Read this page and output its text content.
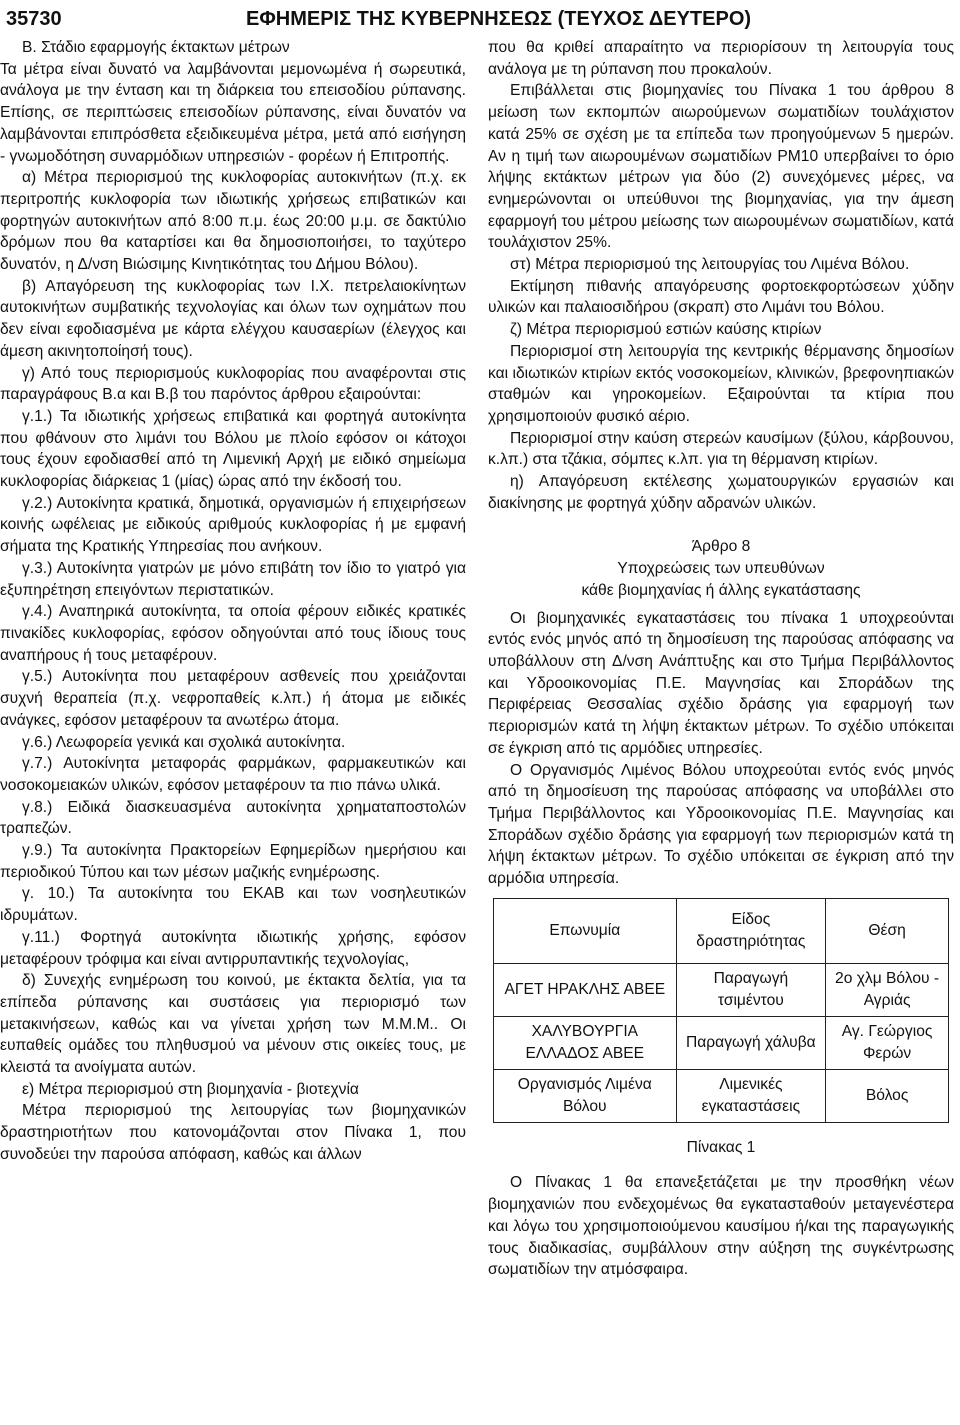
35730	ΕΦΗΜΕΡΙΣ ΤΗΣ ΚΥΒΕΡΝΗΣΕΩΣ (ΤΕΥΧΟΣ ΔΕΥΤΕΡΟ)

Β. Στάδιο εφαρμογής έκτακτων μέτρων

Τα μέτρα είναι δυνατό να λαμβάνονται μεμονωμένα ή σωρευτικά, ανάλογα με την ένταση και τη διάρκεια του επεισοδίου ρύπανσης. Επίσης, σε περιπτώσεις επεισοδίων ρύπανσης, είναι δυνατόν να λαμβάνονται επιπρόσθετα εξειδικευμένα μέτρα, μετά από εισήγηση - γνωμοδότηση συναρμόδιων υπηρεσιών - φορέων ή Επιτροπής.

α) Μέτρα περιορισμού της κυκλοφορίας αυτοκινήτων (π.χ. εκ περιτροπής κυκλοφορία των ιδιωτικής χρήσεως επιβατικών και φορτηγών αυτοκινήτων από 8:00 π.μ. έως 20:00 μ.μ. σε δακτύλιο δρόμων που θα καταρτίσει και θα δημοσιοποιήσει, το ταχύτερο δυνατόν, η Δ/νση Βιώσιμης Κινητικότητας του Δήμου Βόλου).

β) Απαγόρευση της κυκλοφορίας των Ι.Χ. πετρελαιοκίνητων αυτοκινήτων συμβατικής τεχνολογίας και όλων των οχημάτων που δεν είναι εφοδιασμένα με κάρτα ελέγχου καυσαερίων (έλεγχος και άμεση ακινητοποίησή τους).

γ) Από τους περιορισμούς κυκλοφορίας που αναφέρονται στις παραγράφους Β.α και Β.β του παρόντος άρθρου εξαιρούνται:

γ.1.) Τα ιδιωτικής χρήσεως επιβατικά και φορτηγά αυτοκίνητα που φθάνουν στο λιμάνι του Βόλου με πλοίο εφόσον οι κάτοχοι τους έχουν εφοδιασθεί από τη Λιμενική Αρχή με ειδικό σημείωμα κυκλοφορίας διάρκειας 1 (μίας) ώρας από την έκδοσή του.

γ.2.) Αυτοκίνητα κρατικά, δημοτικά, οργανισμών ή επιχειρήσεων κοινής ωφέλειας με ειδικούς αριθμούς κυκλοφορίας ή με εμφανή σήματα της Κρατικής Υπηρεσίας που ανήκουν.

γ.3.) Αυτοκίνητα γιατρών με μόνο επιβάτη τον ίδιο το γιατρό για εξυπηρέτηση επειγόντων περιστατικών.

γ.4.) Αναπηρικά αυτοκίνητα, τα οποία φέρουν ειδικές κρατικές πινακίδες κυκλοφορίας, εφόσον οδηγούνται από τους ίδιους τους αναπήρους ή τους μεταφέρουν.

γ.5.) Αυτοκίνητα που μεταφέρουν ασθενείς που χρειάζονται συχνή θεραπεία (π.χ. νεφροπαθείς κ.λπ.) ή άτομα με ειδικές ανάγκες, εφόσον μεταφέρουν τα ανωτέρω άτομα.

γ.6.) Λεωφορεία γενικά και σχολικά αυτοκίνητα.

γ.7.) Αυτοκίνητα μεταφοράς φαρμάκων, φαρμακευτικών και νοσοκομειακών υλικών, εφόσον μεταφέρουν τα πιο πάνω υλικά.

γ.8.) Ειδικά διασκευασμένα αυτοκίνητα χρηματαποστολών τραπεζών.

γ.9.) Τα αυτοκίνητα Πρακτορείων Εφημερίδων ημερήσιου και περιοδικού Τύπου και των μέσων μαζικής ενημέρωσης.

γ. 10.) Τα αυτοκίνητα του ΕΚΑΒ και των νοσηλευτικών ιδρυμάτων.

γ.11.) Φορτηγά αυτοκίνητα ιδιωτικής χρήσης, εφόσον μεταφέρουν τρόφιμα και είναι αντιρρυπαντικής τεχνολογίας,

δ) Συνεχής ενημέρωση του κοινού, με έκτακτα δελτία, για τα επίπεδα ρύπανσης και συστάσεις για περιορισμό των μετακινήσεων, καθώς και να γίνεται χρήση των Μ.Μ.Μ.. Οι ευπαθείς ομάδες του πληθυσμού να μένουν στις οικείες τους, με κλειστά τα ανοίγματα αυτών.

ε) Μέτρα περιορισμού στη βιομηχανία - βιοτεχνία

Μέτρα περιορισμού της λειτουργίας των βιομηχανικών δραστηριοτήτων που κατονομάζονται στον Πίνακα 1, που συνοδεύει την παρούσα απόφαση, καθώς και άλλων

που θα κριθεί απαραίτητο να περιορίσουν τη λειτουργία τους ανάλογα με τη ρύπανση που προκαλούν.

Επιβάλλεται στις βιομηχανίες του Πίνακα 1 του άρθρου 8 μείωση των εκπομπών αιωρούμενων σωματιδίων τουλάχιστον κατά 25% σε σχέση με τα επίπεδα των προηγούμενων 5 ημερών. Αν η τιμή των αιωρουμένων σωματιδίων ΡΜ10 υπερβαίνει το όριο λήψης εκτάκτων μέτρων για δύο (2) συνεχόμενες μέρες, να ενημερώνονται οι υπεύθυνοι της βιομηχανίας, για την άμεση εφαρμογή του μέτρου μείωσης των αιωρουμένων σωματιδίων, κατά τουλάχιστον 25%.

στ) Μέτρα περιορισμού της λειτουργίας του Λιμένα Βόλου.

Εκτίμηση πιθανής απαγόρευσης φορτοεκφορτώσεων χύδην υλικών και παλαιοσιδήρου (σκραπ) στο Λιμάνι του Βόλου.

ζ) Μέτρα περιορισμού εστιών καύσης κτιρίων

Περιορισμοί στη λειτουργία της κεντρικής θέρμανσης δημοσίων και ιδιωτικών κτιρίων εκτός νοσοκομείων, κλινικών, βρεφονηπιακών σταθμών και γηροκομείων. Εξαιρούνται τα κτίρια που χρησιμοποιούν φυσικό αέριο.

Περιορισμοί στην καύση στερεών καυσίμων (ξύλου, κάρβουνου, κ.λπ.) στα τζάκια, σόμπες κ.λπ. για τη θέρμανση κτιρίων.

η) Απαγόρευση εκτέλεσης χωματουργικών εργασιών και διακίνησης με φορτηγά χύδην αδρανών υλικών.

Άρθρο 8

Υποχρεώσεις των υπευθύνων

κάθε βιομηχανίας ή άλλης εγκατάστασης

Οι βιομηχανικές εγκαταστάσεις του πίνακα 1 υποχρεούνται εντός ενός μηνός από τη δημοσίευση της παρούσας απόφασης να υποβάλλουν στη Δ/νση Ανάπτυξης και στο Τμήμα Περιβάλλοντος και Υδροοικονομίας Π.Ε. Μαγνησίας και Σποράδων της Περιφέρειας Θεσσαλίας σχέδιο δράσης για εφαρμογή των περιορισμών κατά τη λήψη έκτακτων μέτρων. Το σχέδιο υπόκειται σε έγκριση από τις αρμόδιες υπηρεσίες.

Ο Οργανισμός Λιμένος Βόλου υποχρεούται εντός ενός μηνός από τη δημοσίευση της παρούσας απόφασης να υποβάλλει στο Τμήμα Περιβάλλοντος και Υδροοικονομίας Π.Ε. Μαγνησίας και Σποράδων σχέδιο δράσης για εφαρμογή των περιορισμών κατά τη λήψη έκτακτων μέτρων. Το σχέδιο υπόκειται σε έγκριση από την αρμόδια υπηρεσία.

Επωνυμία	Είδος δραστηριότητας	Θέση
ΑΓΕΤ ΗΡΑΚΛΗΣ ΑΒΕΕ	Παραγωγή τσιμέντου	2ο χλμ Βόλου - Αγριάς
ΧΑΛΥΒΟΥΡΓΙΑ ΕΛΛΑΔΟΣ ΑΒΕΕ	Παραγωγή χάλυβα	Αγ. Γεώργιος Φερών
Οργανισμός Λιμένα Βόλου	Λιμενικές εγκαταστάσεις	Βόλος

Πίνακας 1

Ο Πίνακας 1 θα επανεξετάζεται με την προσθήκη νέων βιομηχανιών που ενδεχομένως θα εγκατασταθούν μεταγενέστερα και λόγω του χρησιμοποιούμενου καυσίμου ή/και της παραγωγικής τους διαδικασίας, συμβάλλουν στην αύξηση της συγκέντρωσης σωματιδίων την ατμόσφαιρα.
